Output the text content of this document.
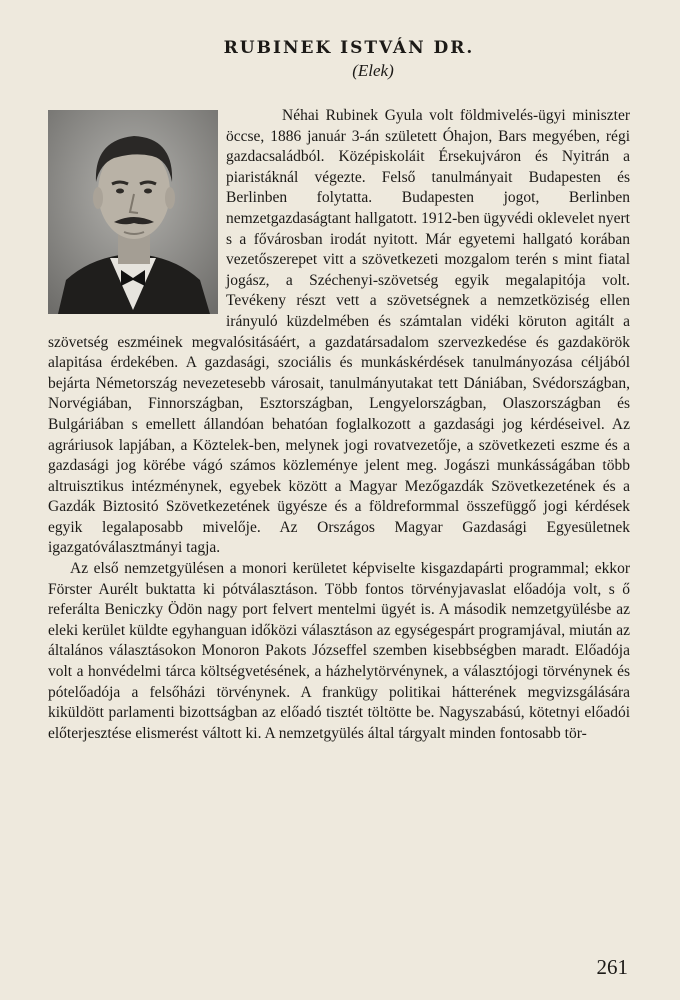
RUBINEK ISTVÁN DR.
(Elek)

Néhai Rubinek Gyula volt földmivelés-ügyi miniszter öccse, 1886 január 3-án született Óhajon, Bars megyében, régi gazdacsaládból. Középiskoláit Érsekujváron és Nyitrán a piaristáknál végezte. Felső tanulmányait Budapesten és Berlinben folytatta. Budapesten jogot, Berlinben nemzetgazdaságtant hallgatott. 1912-ben ügyvédi oklevelet nyert s a fővárosban irodát nyitott. Már egyetemi hallgató korában vezetőszerepet vitt a szövetkezeti mozgalom terén s mint fiatal jogász, a Széchenyi-szövetség egyik megalapitója volt. Tevékeny részt vett a szövetségnek a nemzetköziség ellen irányuló küzdelmében és számtalan vidéki köruton agitált a szövetség eszméinek megvalósitásáért, a gazdatársadalom szervezkedése és gazdakörök alapitása érdekében. A gazdasági, szociális és munkáskérdések tanulmányozása céljából bejárta Németország nevezetesebb városait, tanulmányutakat tett Dániában, Svédországban, Norvégiában, Finnországban, Esztországban, Lengyelországban, Olaszországban és Bulgáriában s emellett állandóan behatóan foglalkozott a gazdasági jog kérdéseivel. Az agráriusok lapjában, a Köztelek-ben, melynek jogi rovatvezetője, a szövetkezeti eszme és a gazdasági jog körébe vágó számos közleménye jelent meg. Jogászi munkásságában több altruisztikus intézménynek, egyebek között a Magyar Mezőgazdák Szövetkezetének és a Gazdák Biztositó Szövetkezetének ügyésze és a földreformmal összefüggő jogi kérdések egyik legalaposabb mivelője. Az Országos Magyar Gazdasági Egyesületnek igazgatóválasztmányi tagja.

Az első nemzetgyülésen a monori kerületet képviselte kisgazdapárti programmal; ekkor Förster Aurélt buktatta ki pótválasztáson. Több fontos törvényjavaslat előadója volt, s ő referálta Beniczky Ödön nagy port felvert mentelmi ügyét is. A második nemzetgyülésbe az eleki kerület küldte egyhanguan időközi választáson az egységespárt programjával, miután az általános választásokon Monoron Pakots Józseffel szemben kisebbségben maradt. Előadója volt a honvédelmi tárca költségvetésének, a házhelytörvénynek, a választójogi törvénynek és pótelőadója a felsőházi törvénynek. A frankügy politikai hátterének megvizsgálására kiküldött parlamenti bizottságban az előadó tisztét töltötte be. Nagyszabású, kötetnyi előadói előterjesztése elismerést váltott ki. A nemzetgyülés által tárgyalt minden fontosabb tör-

261
